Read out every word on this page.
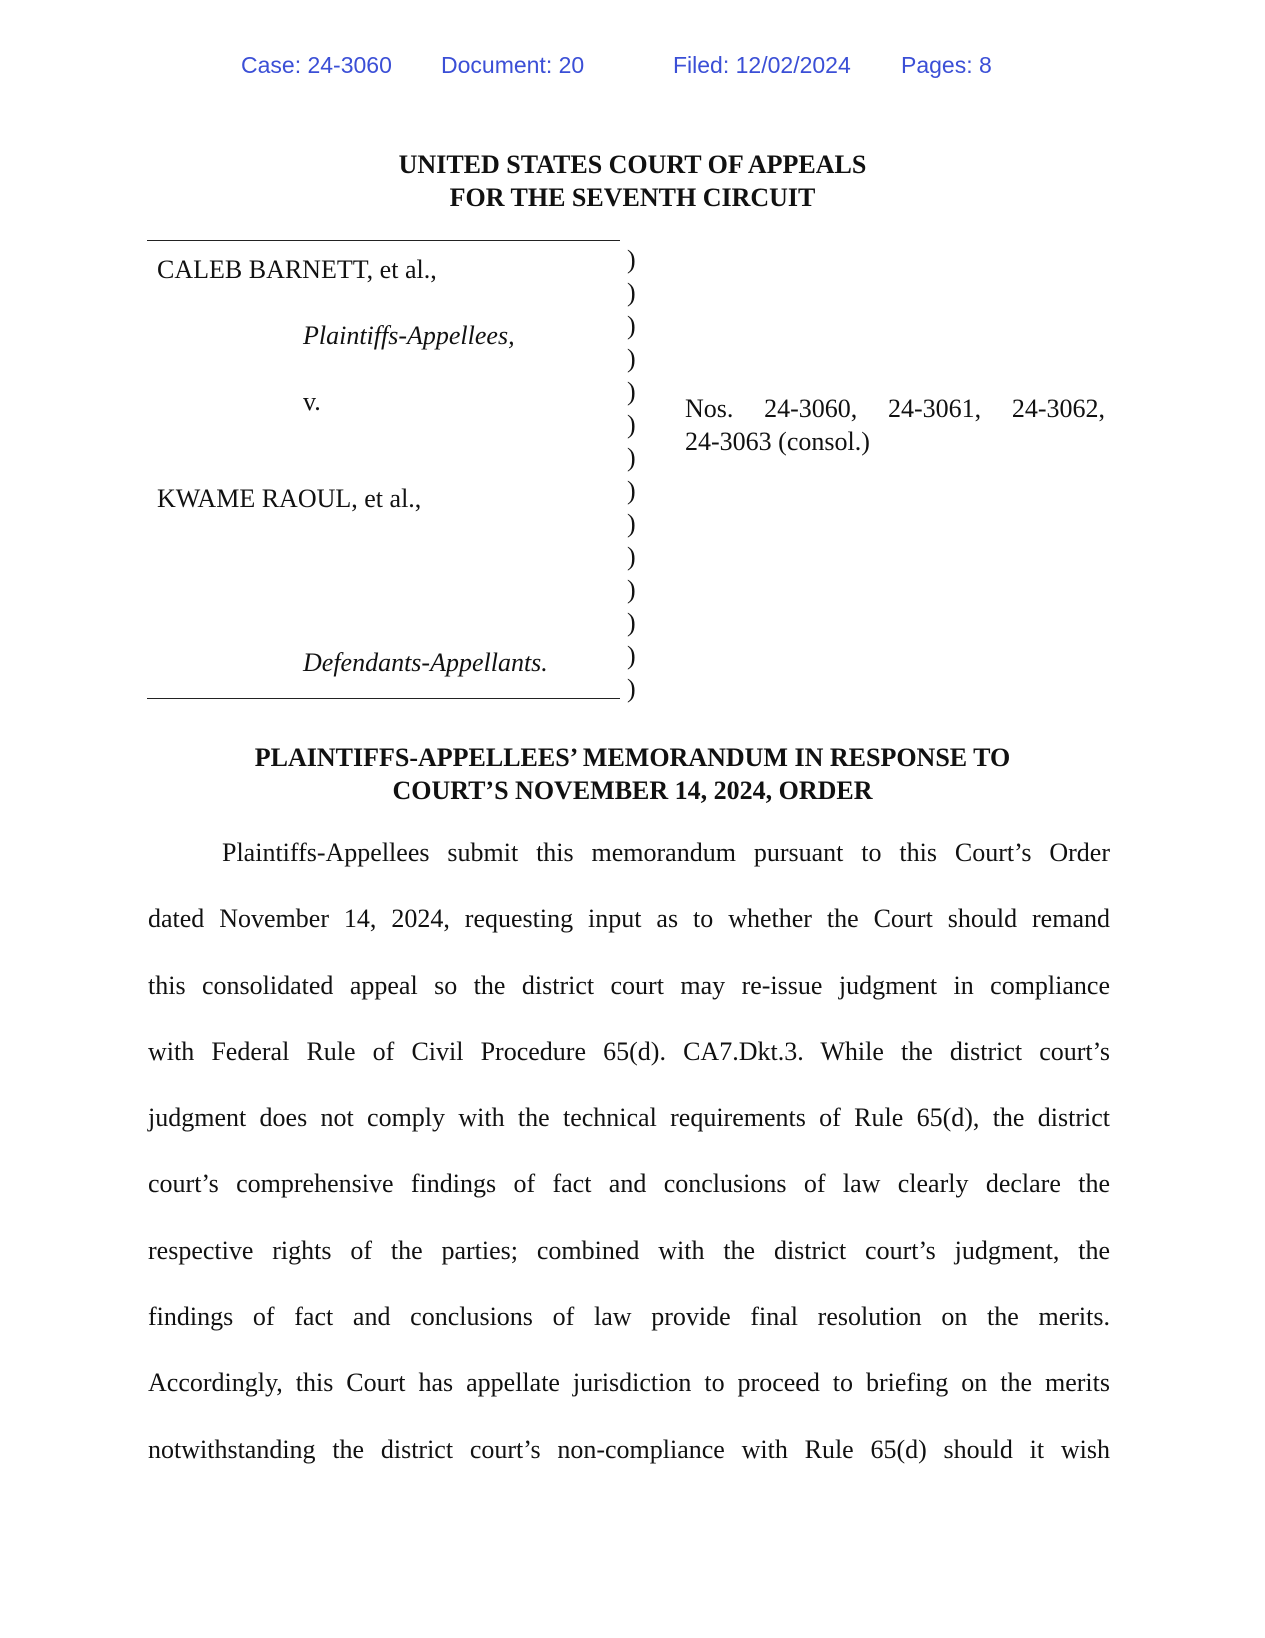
Case: 24-3060 Document: 20	Filed: 12/02/2024 Pages: 8
UNITED STATES COURT OF APPEALS
FOR THE SEVENTH CIRCUIT
CALEB BARNETT, et al.,
Plaintiffs-Appellees,
v.
KWAME RAOUL, et al.,
Defendants-Appellants.
)
)
)
)
)
)
)
)
)
)
)
)
)
)
Nos. 24-3060, 24-3061, 24-3062,
24-3063 (consol.)
PLAINTIFFS-APPELLEES’ MEMORANDUM IN RESPONSE TO
COURT’S NOVEMBER 14, 2024, ORDER
Plaintiffs-Appellees submit this memorandum pursuant to this Court’s Order
dated November 14, 2024, requesting input as to whether the Court should remand
this consolidated appeal so the district court may re-issue judgment in compliance
with Federal Rule of Civil Procedure 65(d). CA7.Dkt.3. While the district court’s
judgment does not comply with the technical requirements of Rule 65(d), the district
court’s comprehensive findings of fact and conclusions of law clearly declare the
respective rights of the parties; combined with the district court’s judgment, the
findings of fact and conclusions of law provide final resolution on the merits.
Accordingly, this Court has appellate jurisdiction to proceed to briefing on the merits
notwithstanding the district court’s non-compliance with Rule 65(d) should it wish
